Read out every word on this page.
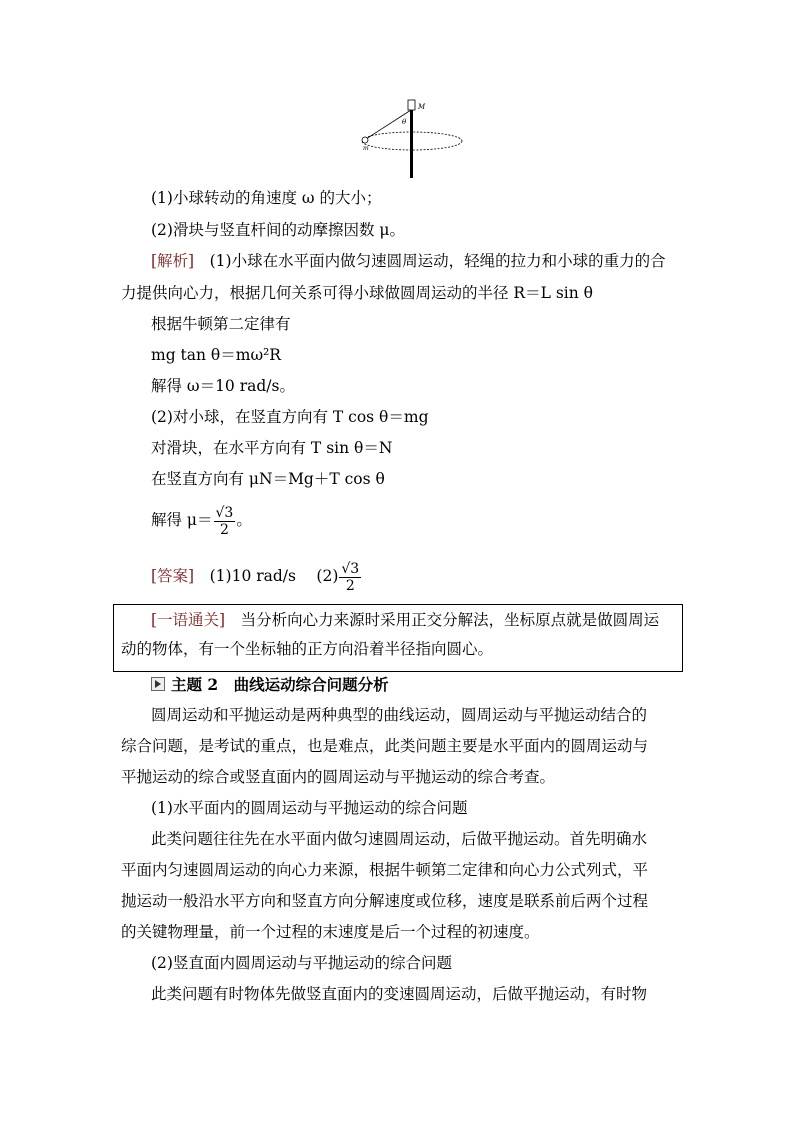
M
θ
m
(1)小球转动的角速度 ω 的大小；
(2)滑块与竖直杆间的动摩擦因数 μ。
[解析]　 (1)小球在水平面内做匀速圆周运动，轻绳的拉力和小球的重力的合
力提供向心力，根据几何关系可得小球做圆周运动的半径 R＝L sin θ
根据牛顿第二定律有
mg tan θ＝mω²R
解得 ω＝10 rad/s。
(2)对小球，在竖直方向有 T cos θ＝mg
对滑块，在水平方向有 T sin θ＝N
在竖直方向有 μN＝Mg＋T cos θ
解得 $\mu= \frac{√3}{2}$ 。
[答案]　 (1)10 rad/s　 $(2) \frac{√3}{2}$
[一语通关]　 当分析向心力来源时采用正交分解法，坐标原点就是做圆周运
动的物体，有一个坐标轴的正方向沿着半径指向圆心。
主题 2　曲线运动综合问题分析
圆周运动和平抛运动是两种典型的曲线运动，圆周运动与平抛运动结合的
综合问题，是考试的重点，也是难点，此类问题主要是水平面内的圆周运动与
平抛运动的综合或竖直面内的圆周运动与平抛运动的综合考查。
(1)水平面内的圆周运动与平抛运动的综合问题
此类问题往往先在水平面内做匀速圆周运动，后做平抛运动。首先明确水
平面内匀速圆周运动的向心力来源，根据牛顿第二定律和向心力公式列式，平
抛运动一般沿水平方向和竖直方向分解速度或位移，速度是联系前后两个过程
的关键物理量，前一个过程的末速度是后一个过程的初速度。
(2)竖直面内圆周运动与平抛运动的综合问题
此类问题有时物体先做竖直面内的变速圆周运动，后做平抛运动，有时物
